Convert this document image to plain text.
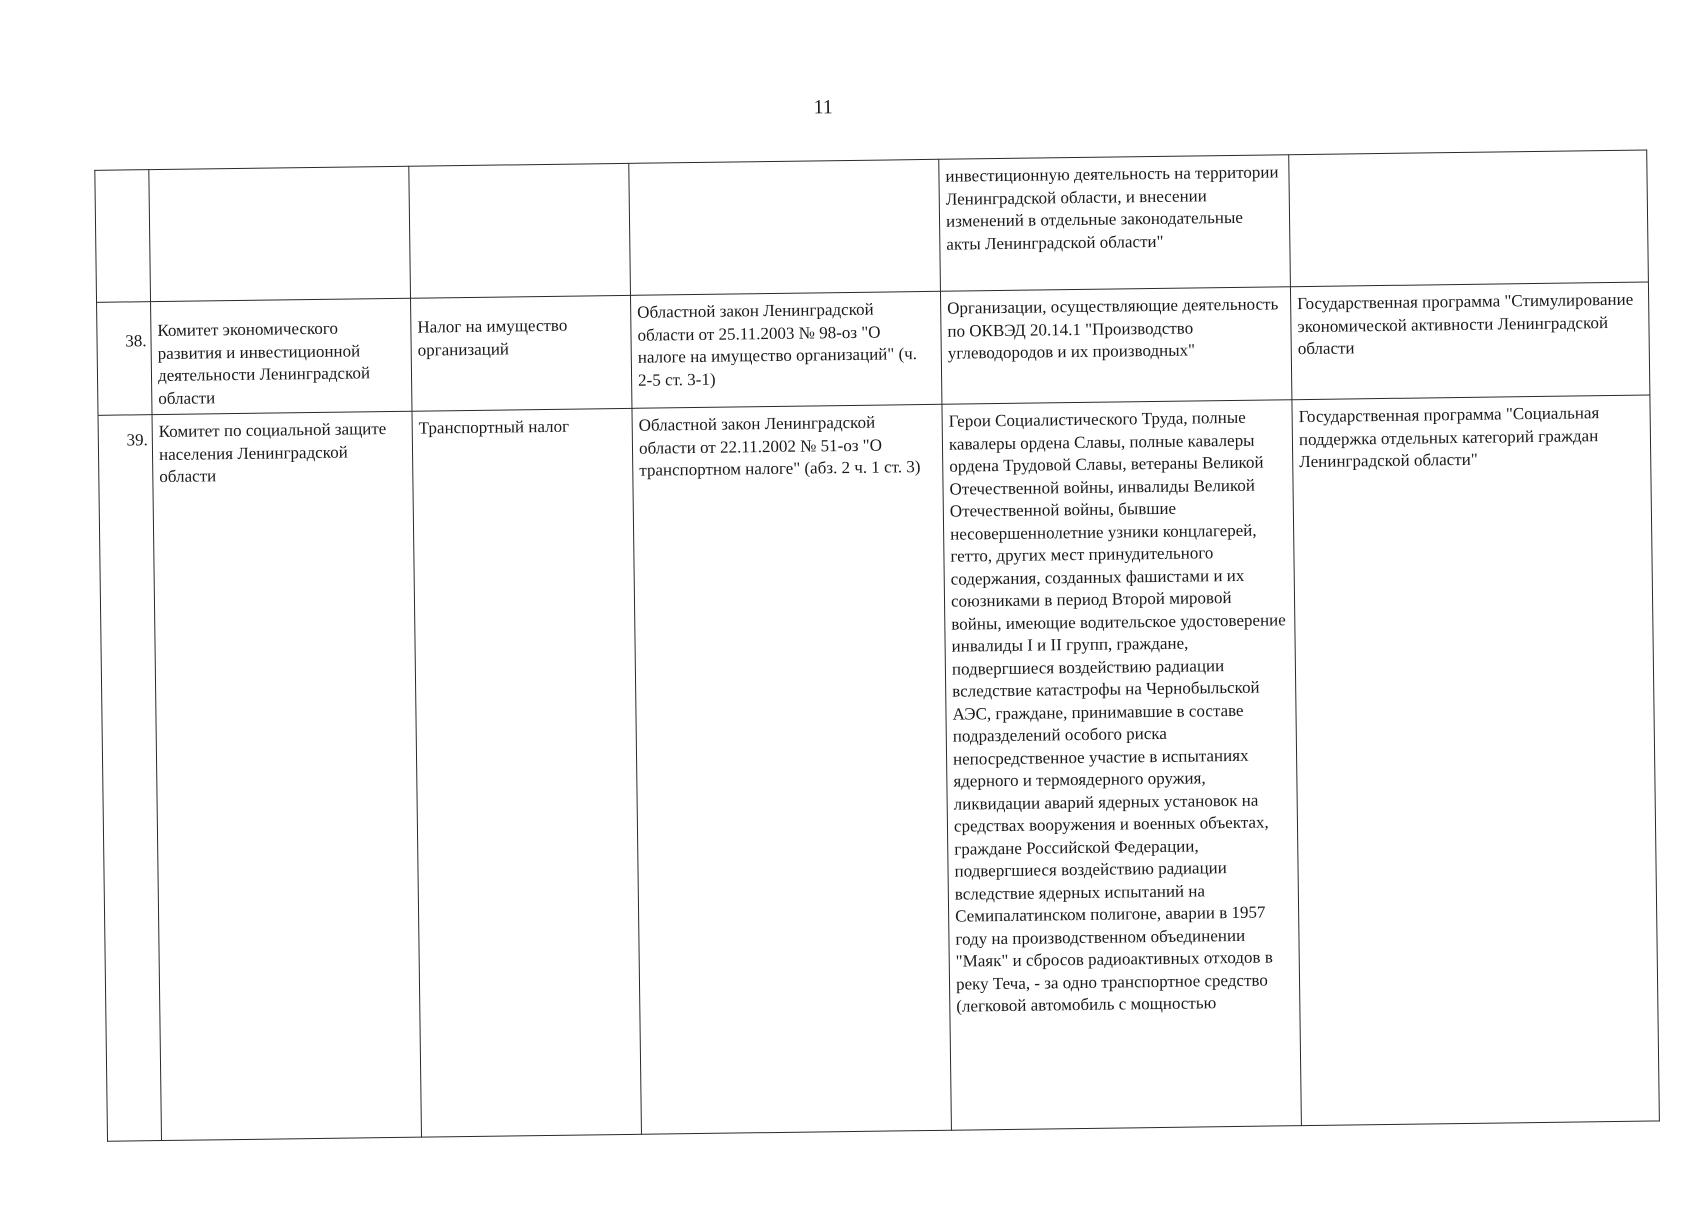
11
				инвестиционную деятельность на территории Ленинградской области, и внесении изменений в отдельные законодательные акты Ленинградской области"	
38.	Комитет экономического развития и инвестиционной деятельности Ленинградской области	Налог на имущество организаций	Областной закон Ленинградской области от 25.11.2003 № 98-оз "О налоге на имущество организаций" (ч. 2-5 ст. 3-1)	Организации, осуществляющие деятельность по ОКВЭД 20.14.1 "Производство углеводородов и их производных"	Государственная программа "Стимулирование экономической активности Ленинградской области
39.	Комитет по социальной защите населения Ленинградской области	Транспортный налог	Областной закон Ленинградской области от 22.11.2002 № 51-оз "О транспортном налоге" (абз. 2 ч. 1 ст. 3)	Герои Социалистического Труда, полные кавалеры ордена Славы, полные кавалеры ордена Трудовой Славы, ветераны Великой Отечественной войны, инвалиды Великой Отечественной войны, бывшие несовершеннолетние узники концлагерей, гетто, других мест принудительного содержания, созданных фашистами и их союзниками в период Второй мировой войны, имеющие водительское удостоверение инвалиды I и II групп, граждане, подвергшиеся воздействию радиации вследствие катастрофы на Чернобыльской АЭС, граждане, принимавшие в составе подразделений особого риска непосредственное участие в испытаниях ядерного и термоядерного оружия, ликвидации аварий ядерных установок на средствах вооружения и военных объектах, граждане Российской Федерации, подвергшиеся воздействию радиации вследствие ядерных испытаний на Семипалатинском полигоне, аварии в 1957 году на производственном объединении "Маяк" и сбросов радиоактивных отходов в реку Теча, - за одно транспортное средство (легковой автомобиль с мощностью	Государственная программа "Социальная поддержка отдельных категорий граждан Ленинградской области"
